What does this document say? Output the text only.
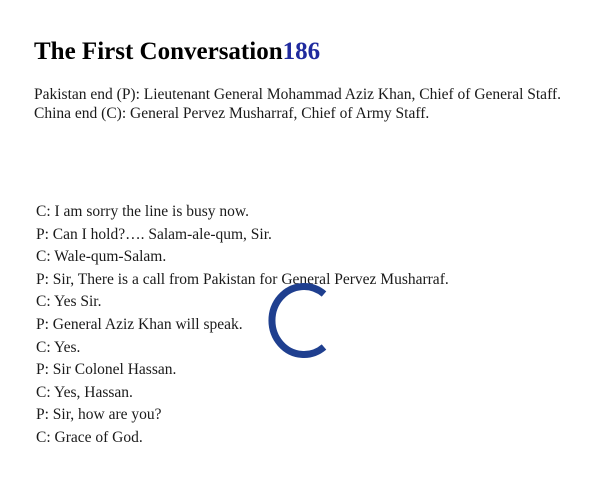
The First Conversation186
Pakistan end (P): Lieutenant General Mohammad Aziz Khan, Chief of General Staff.
China end (C): General Pervez Musharraf, Chief of Army Staff.
C: I am sorry the line is busy now.
P: Can I hold?…. Salam-ale-qum, Sir.
C: Wale-qum-Salam.
P: Sir, There is a call from Pakistan for General Pervez Musharraf.
C: Yes Sir.
P: General Aziz Khan will speak.
C: Yes.
P: Sir Colonel Hassan.
C: Yes, Hassan.
P: Sir, how are you?
C: Grace of God.
